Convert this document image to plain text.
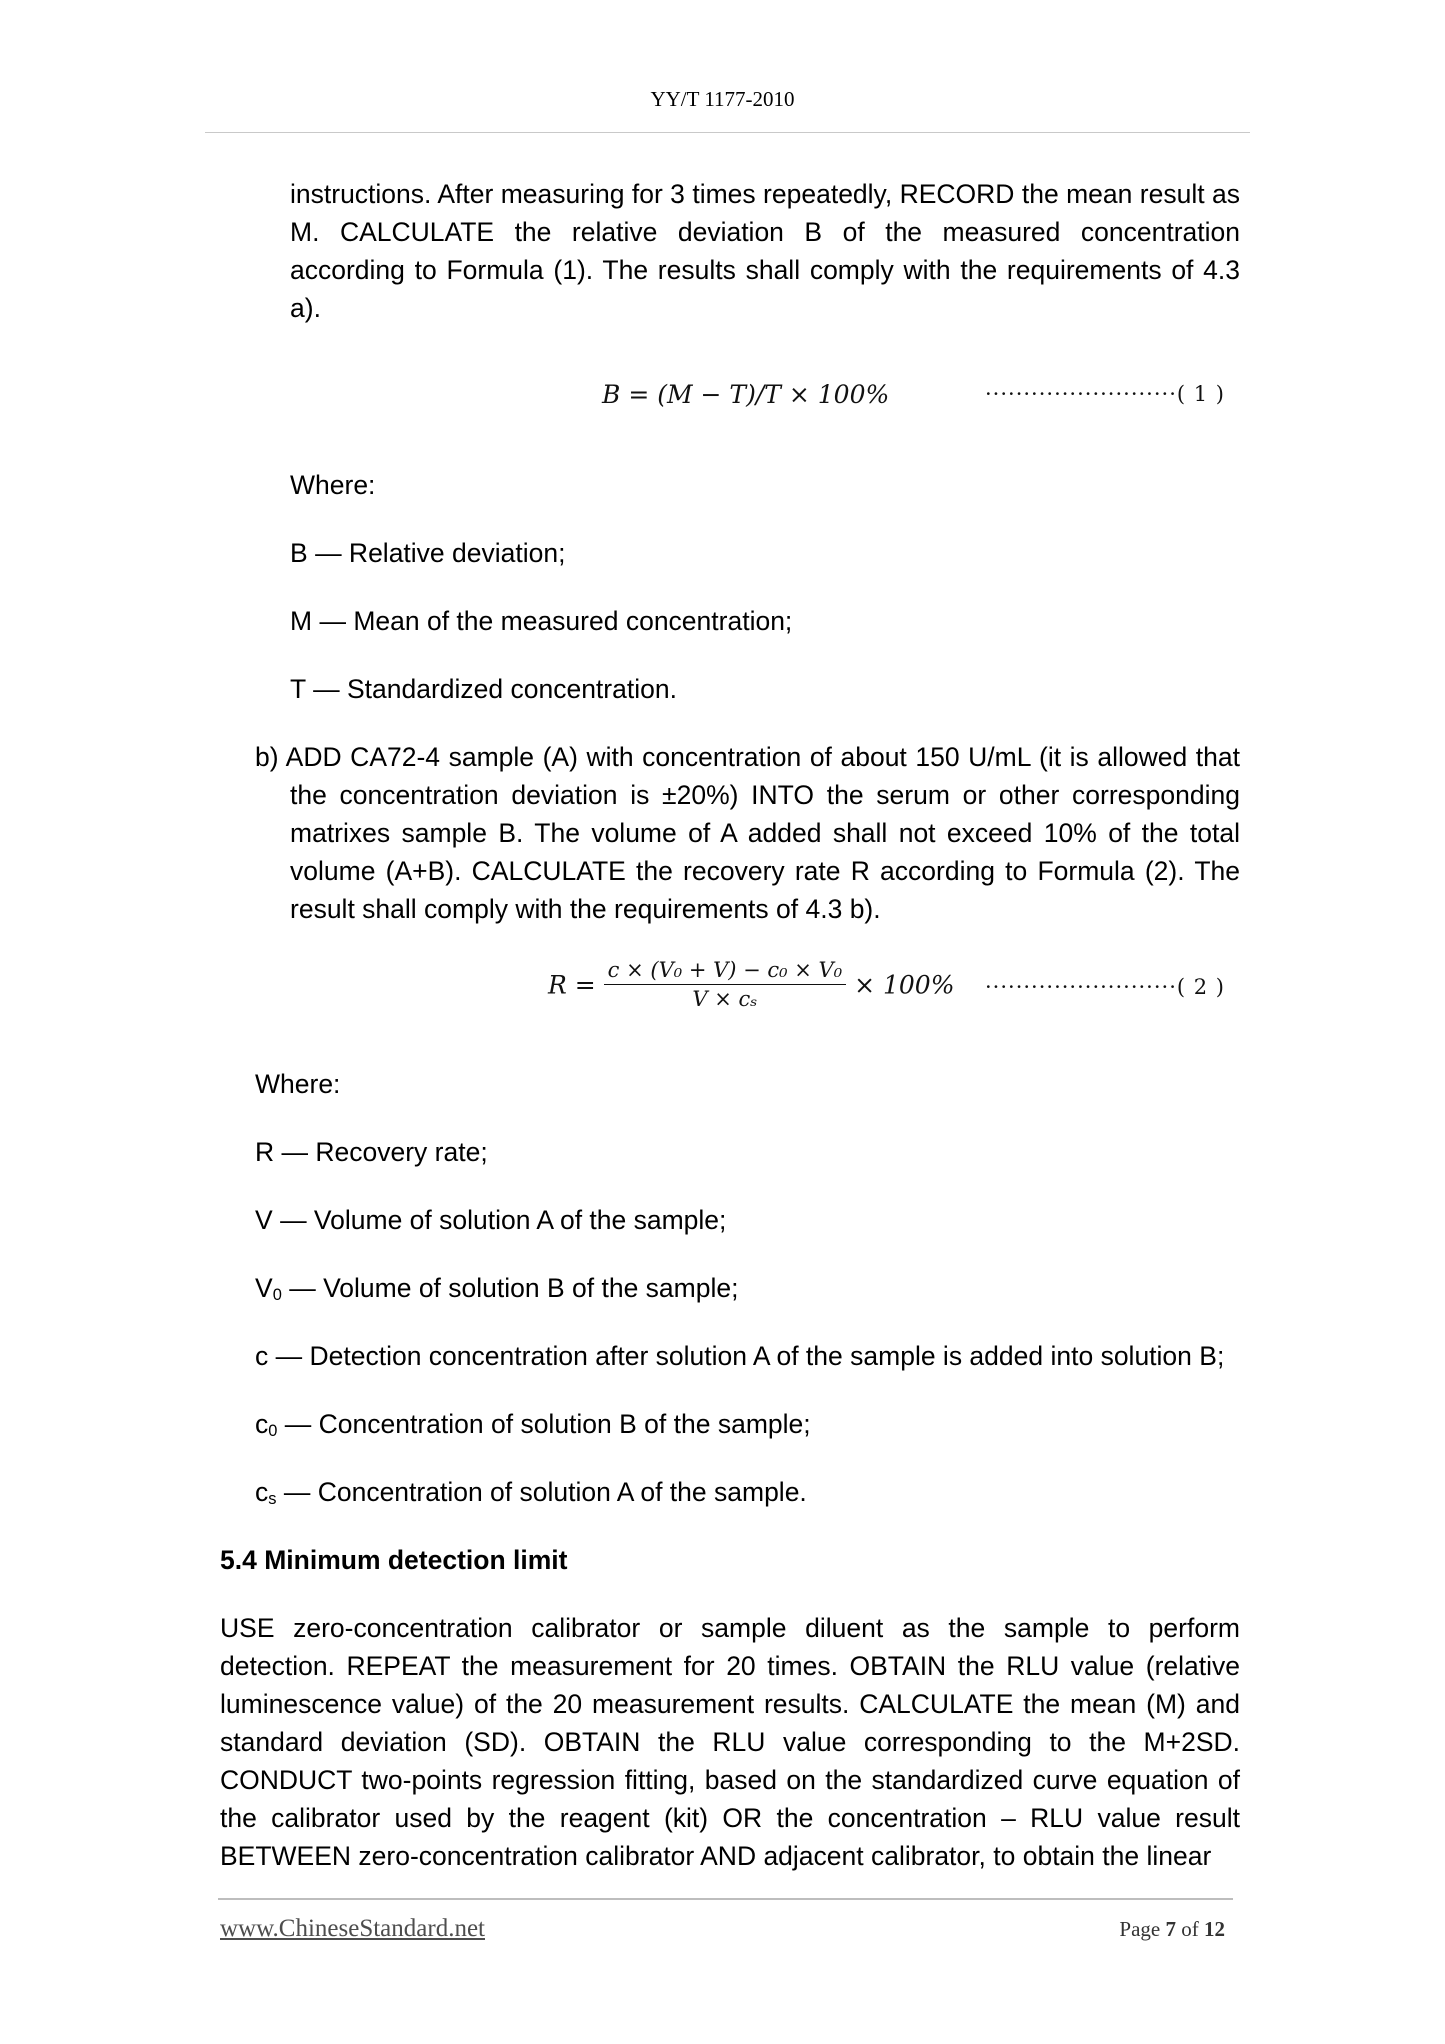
YY/T 1177-2010
instructions. After measuring for 3 times repeatedly, RECORD the mean result as M. CALCULATE the relative deviation B of the measured concentration according to Formula (1). The results shall comply with the requirements of 4.3 a).
B = (M − T)/T × 100%	·························( 1 )
Where:
B — Relative deviation;
M — Mean of the measured concentration;
T — Standardized concentration.
b) ADD CA72-4 sample (A) with concentration of about 150 U/mL (it is allowed that the concentration deviation is ±20%) INTO the serum or other corresponding matrixes sample B. The volume of A added shall not exceed 10% of the total volume (A+B). CALCULATE the recovery rate R according to Formula (2). The result shall comply with the requirements of 4.3 b).
$R = \frac{\text{c × (V₀ + V) − c₀ × V₀}}{\text{V × cₛ}} \times 100\%$ ·························( 2 )
Where:
R — Recovery rate;
V — Volume of solution A of the sample;
$V_0$ — Volume of solution B of the sample;
c — Detection concentration after solution A of the sample is added into solution B;
$c_0$ — Concentration of solution B of the sample;
$c_s$ — Concentration of solution A of the sample.
5.4 Minimum detection limit
USE zero-concentration calibrator or sample diluent as the sample to perform detection. REPEAT the measurement for 20 times. OBTAIN the RLU value (relative luminescence value) of the 20 measurement results. CALCULATE the mean (M) and standard deviation (SD). OBTAIN the RLU value corresponding to the M+2SD. CONDUCT two-points regression fitting, based on the standardized curve equation of the calibrator used by the reagent (kit) OR the concentration – RLU value result BETWEEN zero-concentration calibrator AND adjacent calibrator, to obtain the linear
www.ChineseStandard.net	Page 7 of 12
